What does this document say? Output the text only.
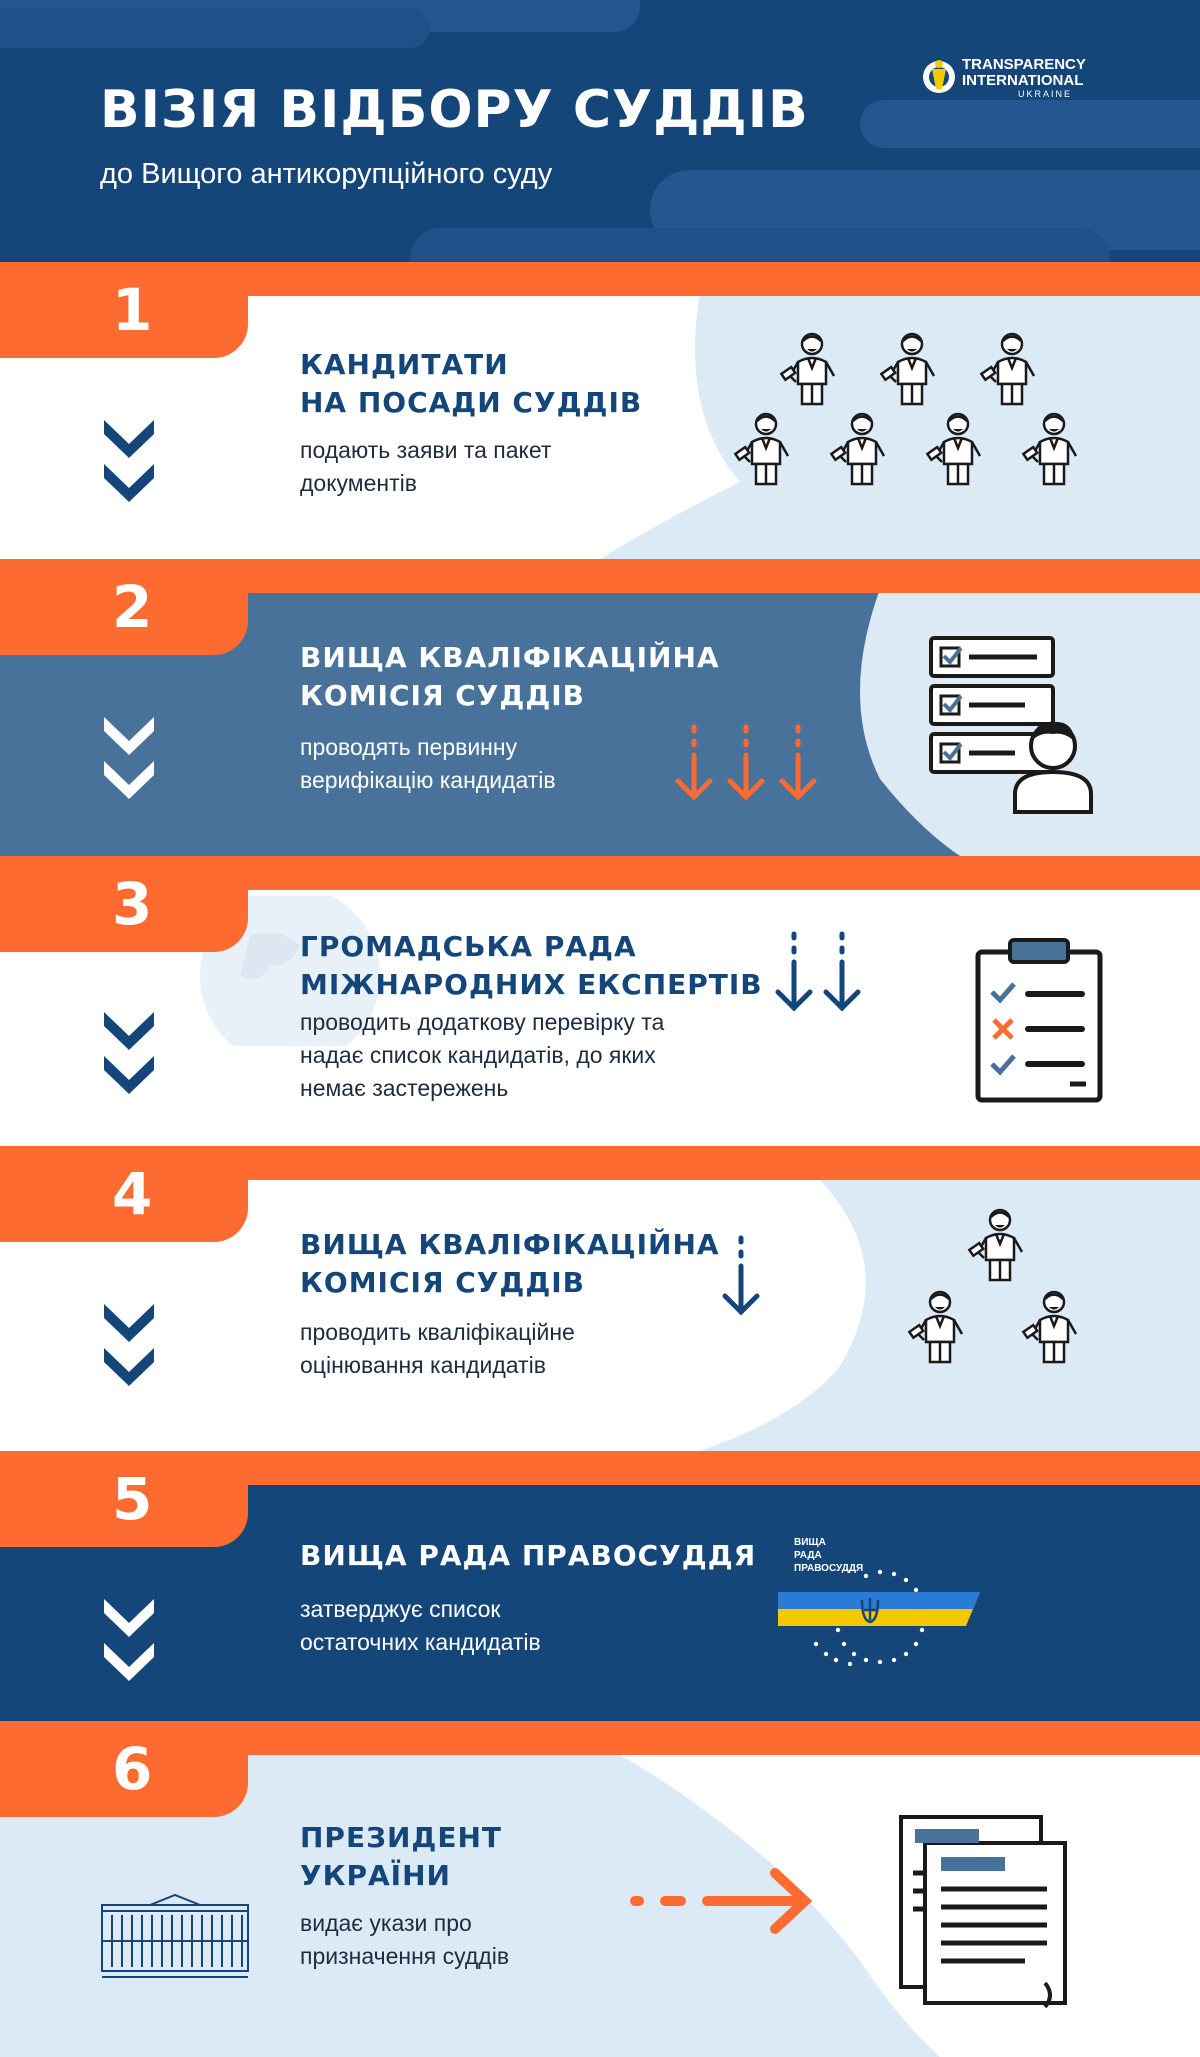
ВІЗІЯ ВІДБОРУ СУДДІВ

до Вищого антикорупційного суду

TRANSPARENCY
INTERNATIONAL
UKRAINE
1
КАНДИТАТИ
НА ПОСАДИ СУДДІВ
подають заяви та пакет
документів
2
ВИЩА КВАЛІФІКАЦІЙНА
КОМІСІЯ СУДДІВ
проводять первинну
верифікацію кандидатів
3
ГРОМАДСЬКА РАДА
МІЖНАРОДНИХ ЕКСПЕРТІВ
проводить додаткову перевірку та
надає список кандидатів, до яких
немає застережень
4
ВИЩА КВАЛІФІКАЦІЙНА
КОМІСІЯ СУДДІВ
проводить кваліфікаційне
оцінювання кандидатів
5
ВИЩА РАДА ПРАВОСУДДЯ
затверджує список
остаточних кандидатів
ВИЩА
РАДА
ПРАВОСУДДЯ
6
ПРЕЗИДЕНТ
УКРАЇНИ
видає укази про
призначення суддів
